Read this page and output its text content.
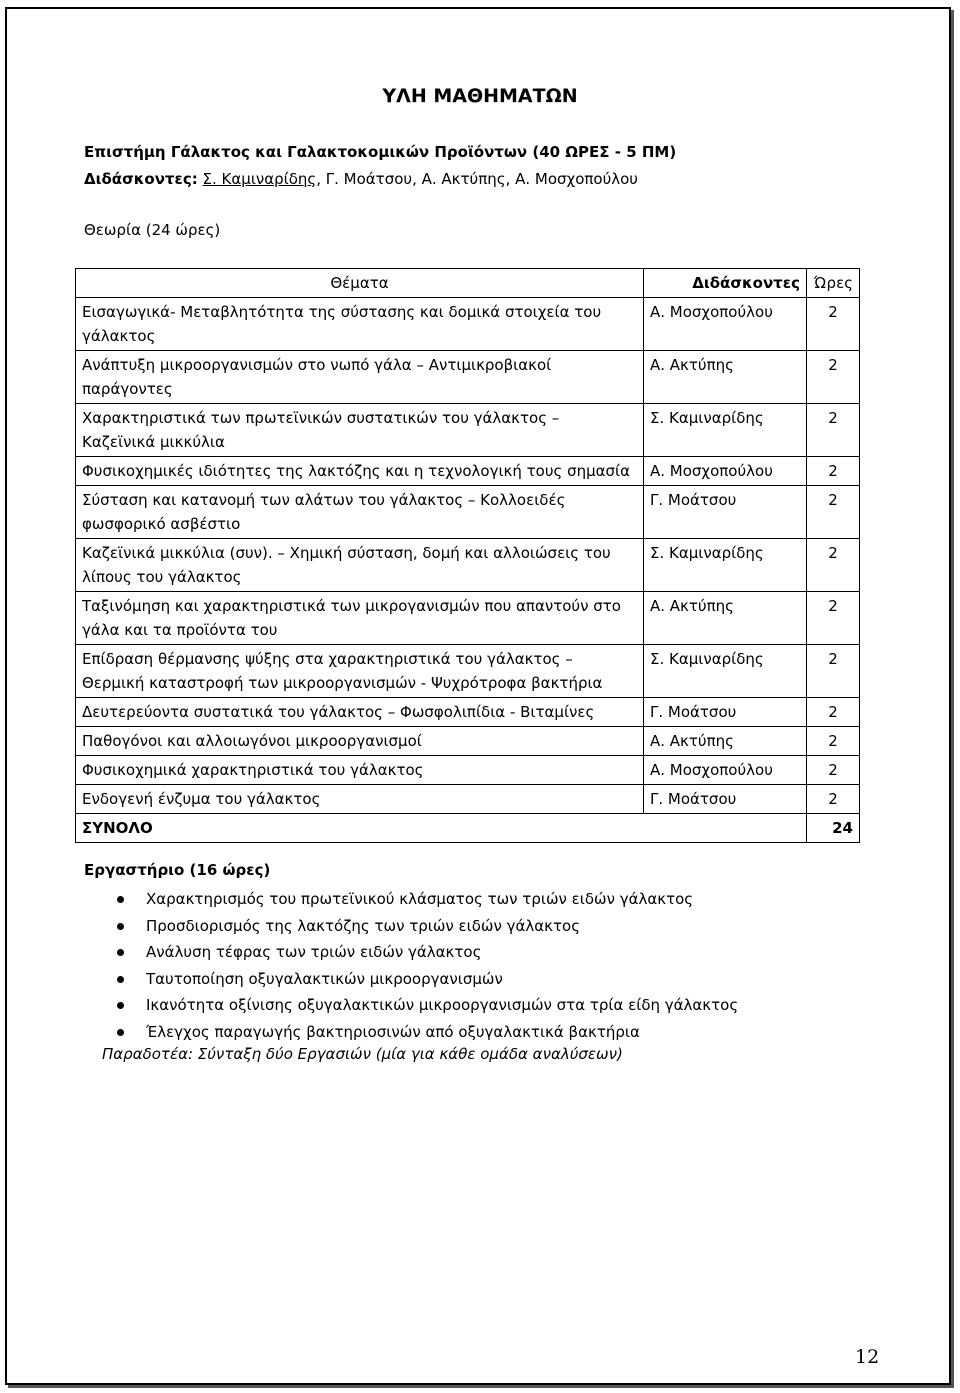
ΥΛΗ ΜΑΘΗΜΑΤΩΝ
Επιστήμη Γάλακτος και Γαλακτοκομικών Προϊόντων (40 ΩΡΕΣ - 5 ΠΜ)
Διδάσκοντες: Σ. Καμιναρίδης, Γ. Μοάτσου, Α. Ακτύπης, Α. Μοσχοπούλου
Θεωρία (24 ώρες)
Θέματα	Διδάσκοντες	Ώρες
Εισαγωγικά- Μεταβλητότητα της σύστασης και δομικά στοιχεία του γάλακτος	Α. Μοσχοπούλου	2
Ανάπτυξη μικροοργανισμών στο νωπό γάλα – Αντιμικροβιακοί παράγοντες	Α. Ακτύπης	2
Χαρακτηριστικά των πρωτεϊνικών συστατικών του γάλακτος – Καζεϊνικά μικκύλια	Σ. Καμιναρίδης	2
Φυσικοχημικές ιδιότητες της λακτόζης και η τεχνολογική τους σημασία	Α. Μοσχοπούλου	2
Σύσταση και κατανομή των αλάτων του γάλακτος – Κολλοειδές φωσφορικό ασβέστιο	Γ. Μοάτσου	2
Καζεϊνικά μικκύλια (συν). – Χημική σύσταση, δομή και αλλοιώσεις του λίπους του γάλακτος	Σ. Καμιναρίδης	2
Ταξινόμηση και χαρακτηριστικά των μικρογανισμών που απαντούν στο γάλα και τα προϊόντα του	Α. Ακτύπης	2
Επίδραση θέρμανσης ψύξης στα χαρακτηριστικά του γάλακτος – Θερμική καταστροφή των μικροοργανισμών - Ψυχρότροφα βακτήρια	Σ. Καμιναρίδης	2
Δευτερεύοντα συστατικά του γάλακτος – Φωσφολιπίδια - Βιταμίνες	Γ. Μοάτσου	2
Παθογόνοι και αλλοιωγόνοι μικροοργανισμοί	Α. Ακτύπης	2
Φυσικοχημικά χαρακτηριστικά του γάλακτος	Α. Μοσχοπούλου	2
Ενδογενή ένζυμα του γάλακτος	Γ. Μοάτσου	2
ΣΥΝΟΛΟ		24
Εργαστήριο (16 ώρες)
Χαρακτηρισμός του πρωτεϊνικού κλάσματος των τριών ειδών γάλακτος
Προσδιορισμός της λακτόζης των τριών ειδών γάλακτος
Ανάλυση τέφρας των τριών ειδών γάλακτος
Ταυτοποίηση οξυγαλακτικών μικροοργανισμών
Ικανότητα οξίνισης οξυγαλακτικών μικροοργανισμών στα τρία είδη γάλακτος
Έλεγχος παραγωγής βακτηριοσινών από οξυγαλακτικά βακτήρια
Παραδοτέα: Σύνταξη δύο Εργασιών (μία για κάθε ομάδα αναλύσεων)
12
